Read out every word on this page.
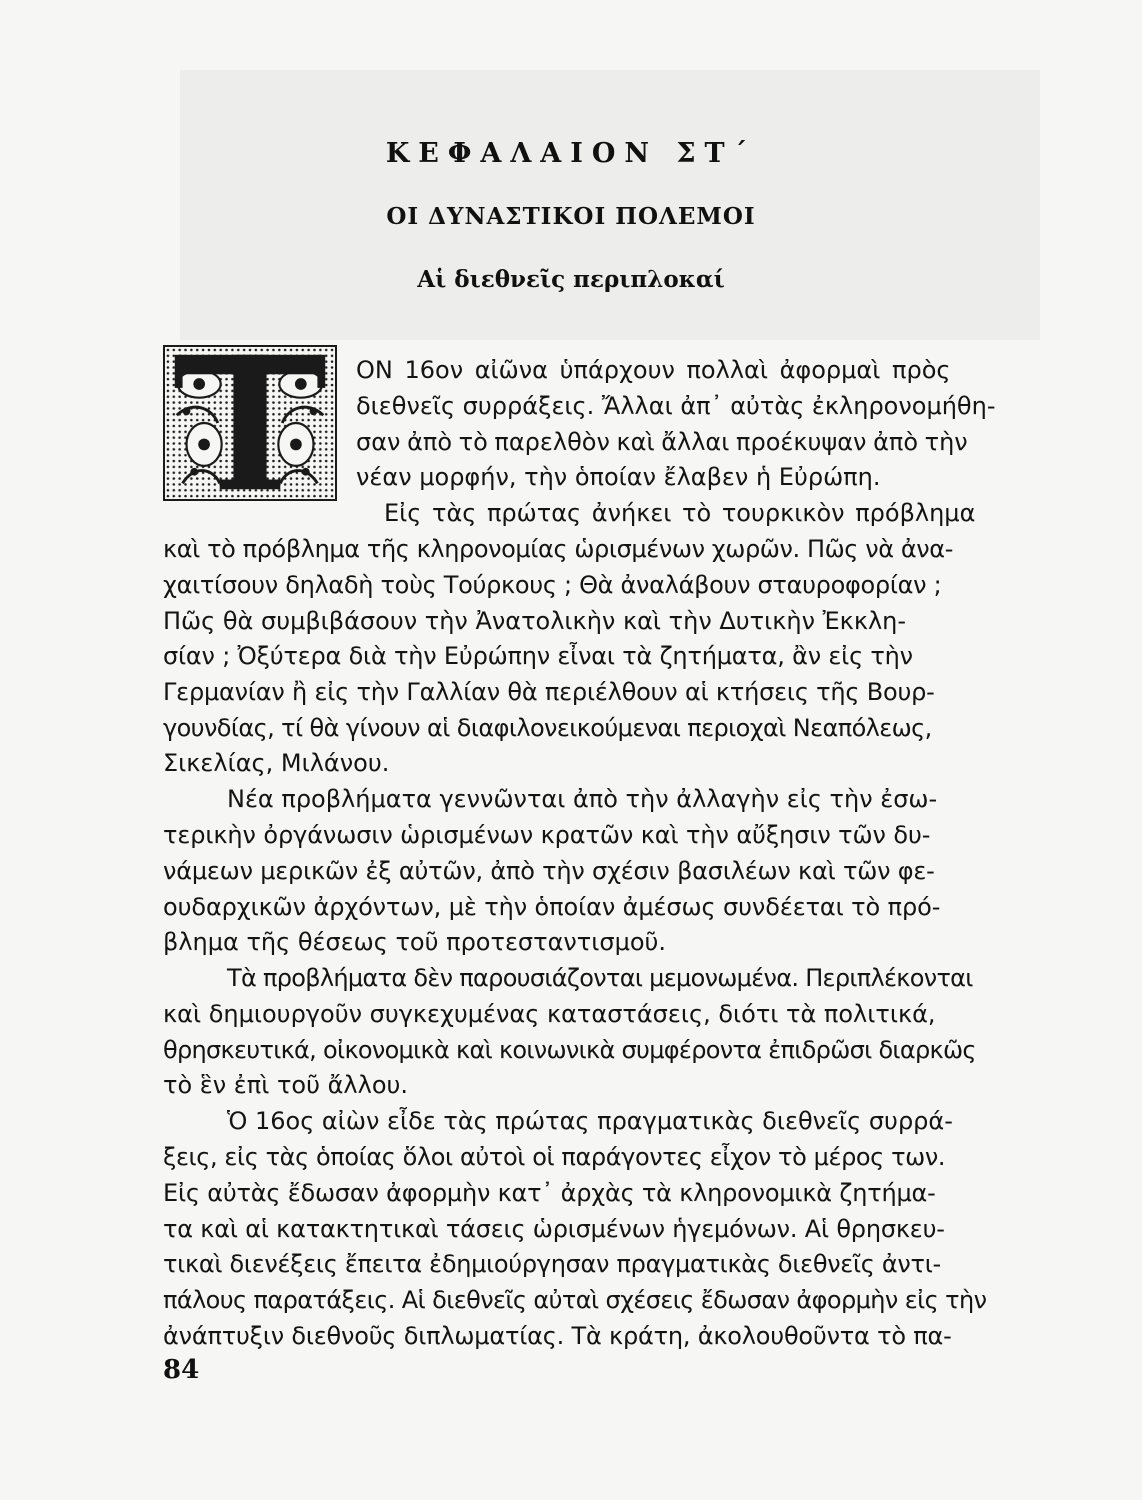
ΚΕΦΑΛΑΙΟΝ ΣΤ΄
ΟΙ ΔΥΝΑΣΤΙΚΟΙ ΠΟΛΕΜΟΙ
Αἱ διεθνεῖς περιπλοκαί
ΟΝ 16ον αἰῶνα ὑπάρχουν πολλαὶ ἀφορμαὶ πρὸς
διεθνεῖς συρράξεις. Ἄλλαι ἀπ᾽ αὐτὰς ἐκληρονομήθη-
σαν ἀπὸ τὸ παρελθὸν καὶ ἄλλαι προέκυψαν ἀπὸ τὴν
νέαν μορφήν, τὴν ὁποίαν ἔλαβεν ἡ Εὐρώπη.
Εἰς τὰς πρώτας ἀνήκει τὸ τουρκικὸν πρόβλημα
καὶ τὸ πρόβλημα τῆς κληρονομίας ὡρισμένων χωρῶν. Πῶς νὰ ἀνα-
χαιτίσουν δηλαδὴ τοὺς Τούρκους ; Θὰ ἀναλάβουν σταυροφορίαν ;
Πῶς θὰ συμβιβάσουν τὴν Ἀνατολικὴν καὶ τὴν Δυτικὴν Ἐκκλη-
σίαν ; Ὀξύτερα διὰ τὴν Εὐρώπην εἶναι τὰ ζητήματα, ἂν εἰς τὴν
Γερμανίαν ἢ εἰς τὴν Γαλλίαν θὰ περιέλθουν αἱ κτήσεις τῆς Βουρ-
γουνδίας, τί θὰ γίνουν αἱ διαφιλονεικούμεναι περιοχαὶ Νεαπόλεως,
Σικελίας, Μιλάνου.
Νέα προβλήματα γεννῶνται ἀπὸ τὴν ἀλλαγὴν εἰς τὴν ἐσω-
τερικὴν ὀργάνωσιν ὡρισμένων κρατῶν καὶ τὴν αὔξησιν τῶν δυ-
νάμεων μερικῶν ἐξ αὐτῶν, ἀπὸ τὴν σχέσιν βασιλέων καὶ τῶν φε-
ουδαρχικῶν ἀρχόντων, μὲ τὴν ὁποίαν ἀμέσως συνδέεται τὸ πρό-
βλημα τῆς θέσεως τοῦ προτεσταντισμοῦ.
Τὰ προβλήματα δὲν παρουσιάζονται μεμονωμένα. Περιπλέκονται
καὶ δημιουργοῦν συγκεχυμένας καταστάσεις, διότι τὰ πολιτικά,
θρησκευτικά, οἰκονομικὰ καὶ κοινωνικὰ συμφέροντα ἐπιδρῶσι διαρκῶς
τὸ ἓν ἐπὶ τοῦ ἄλλου.
Ὁ 16ος αἰὼν εἶδε τὰς πρώτας πραγματικὰς διεθνεῖς συρρά-
ξεις, εἰς τὰς ὁποίας ὅλοι αὐτοὶ οἱ παράγοντες εἶχον τὸ μέρος των.
Εἰς αὐτὰς ἔδωσαν ἀφορμὴν κατ᾽ ἀρχὰς τὰ κληρονομικὰ ζητήμα-
τα καὶ αἱ κατακτητικαὶ τάσεις ὡρισμένων ἡγεμόνων. Αἱ θρησκευ-
τικαὶ διενέξεις ἔπειτα ἐδημιούργησαν πραγματικὰς διεθνεῖς ἀντι-
πάλους παρατάξεις. Αἱ διεθνεῖς αὐταὶ σχέσεις ἔδωσαν ἀφορμὴν εἰς τὴν
ἀνάπτυξιν διεθνοῦς διπλωματίας. Τὰ κράτη, ἀκολουθοῦντα τὸ πα-
84
